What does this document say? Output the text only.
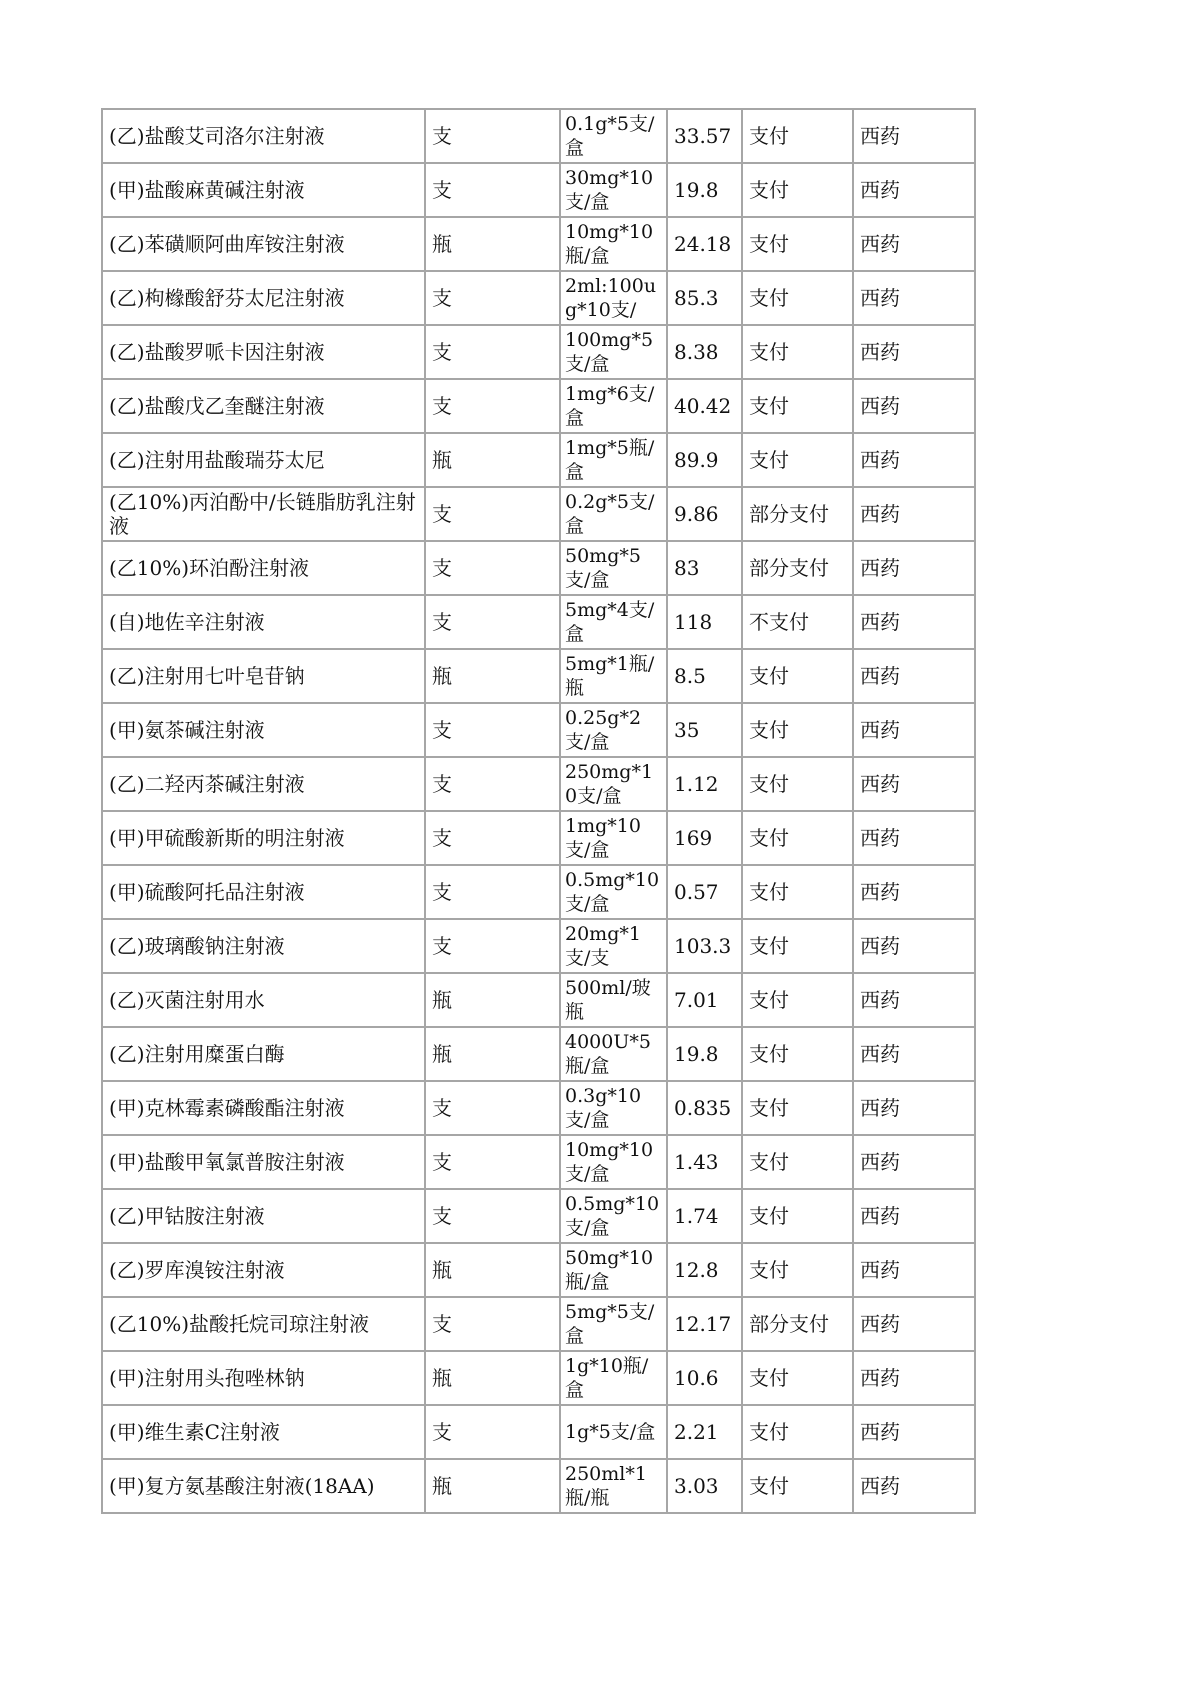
(乙)盐酸艾司洛尔注射液	支	0.1g*5支/盒	33.57	支付	西药
(甲)盐酸麻黄碱注射液	支	30mg*10支/盒	19.8	支付	西药
(乙)苯磺顺阿曲库铵注射液	瓶	10mg*10瓶/盒	24.18	支付	西药
(乙)枸橼酸舒芬太尼注射液	支	2ml:100ug*10支/	85.3	支付	西药
(乙)盐酸罗哌卡因注射液	支	100mg*5支/盒	8.38	支付	西药
(乙)盐酸戊乙奎醚注射液	支	1mg*6支/盒	40.42	支付	西药
(乙)注射用盐酸瑞芬太尼	瓶	1mg*5瓶/盒	89.9	支付	西药
(乙10%)丙泊酚中/长链脂肪乳注射液	支	0.2g*5支/盒	9.86	部分支付	西药
(乙10%)环泊酚注射液	支	50mg*5支/盒	83	部分支付	西药
(自)地佐辛注射液	支	5mg*4支/盒	118	不支付	西药
(乙)注射用七叶皂苷钠	瓶	5mg*1瓶/瓶	8.5	支付	西药
(甲)氨茶碱注射液	支	0.25g*2支/盒	35	支付	西药
(乙)二羟丙茶碱注射液	支	250mg*10支/盒	1.12	支付	西药
(甲)甲硫酸新斯的明注射液	支	1mg*10支/盒	169	支付	西药
(甲)硫酸阿托品注射液	支	0.5mg*10支/盒	0.57	支付	西药
(乙)玻璃酸钠注射液	支	20mg*1支/支	103.3	支付	西药
(乙)灭菌注射用水	瓶	500ml/玻瓶	7.01	支付	西药
(乙)注射用糜蛋白酶	瓶	4000U*5瓶/盒	19.8	支付	西药
(甲)克林霉素磷酸酯注射液	支	0.3g*10支/盒	0.835	支付	西药
(甲)盐酸甲氧氯普胺注射液	支	10mg*10支/盒	1.43	支付	西药
(乙)甲钴胺注射液	支	0.5mg*10支/盒	1.74	支付	西药
(乙)罗库溴铵注射液	瓶	50mg*10瓶/盒	12.8	支付	西药
(乙10%)盐酸托烷司琼注射液	支	5mg*5支/盒	12.17	部分支付	西药
(甲)注射用头孢唑林钠	瓶	1g*10瓶/盒	10.6	支付	西药
(甲)维生素C注射液	支	1g*5支/盒	2.21	支付	西药
(甲)复方氨基酸注射液(18AA)	瓶	250ml*1瓶/瓶	3.03	支付	西药
